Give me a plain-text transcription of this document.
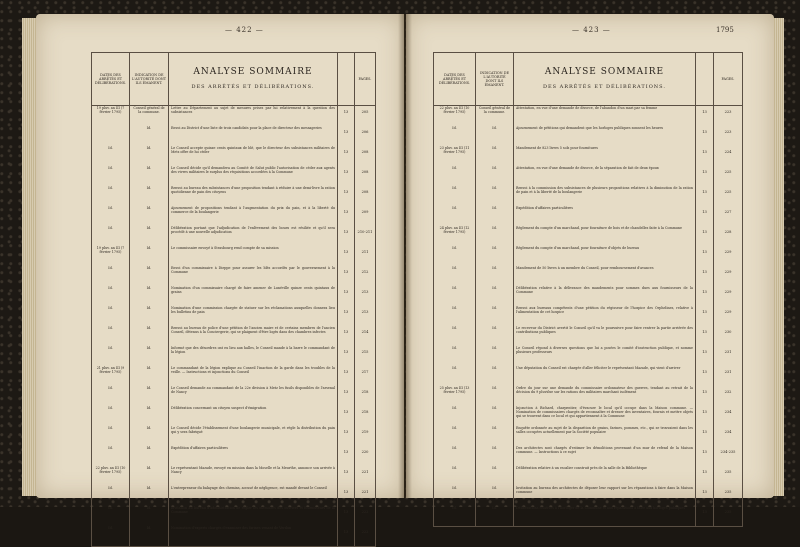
— 422 —	— 423 —	1795
DATES DES ARRÊTÉS ET DÉLIBÉRATIONS.	INDICATION DE L'AUTORITÉ DONT ILS ÉMANENT.	ANALYSE SOMMAIRE
DES ARRÊTÉS ET DÉLIBÉRATIONS.		PAGES.
19 pluv. an III (7 février 1795)	Conseil général de la commune.	Lettre au Département au sujet de mesures prises par lui relativement à la question des subsistances	13	205
	Id.	Envoi au District d'une liste de trois candidats pour la place de directeur des messageries	13	206
Id.	Id.	Le Conseil accepte quinze cents quintaux de blé, que le directeur des subsistances militaires de Metz offre de lui céder	13	208
Id.	Id.	Le Conseil décide qu'il demandera au Comité de Salut public l'autorisation de céder aux agents des vivres militaires le surplus des réquisitions accordées à la Commune	13	208
Id.	Id.	Renvoi au bureau des subsistances d'une proposition tendant à réduire à une demi-livre la ration quotidienne de pain des citoyens	13	208
Id.	Id.	Ajournement de propositions tendant à l'augmentation du prix du pain, et à la liberté du commerce de la boulangerie	13	209
Id.	Id.	Délibération portant que l'adjudication de l'enlèvement des boues est résiliée et qu'il sera procédé à une nouvelle adjudication	13	210-211
19 pluv. an III (7 février 1795)	Id.	Le commissaire envoyé à Strasbourg rend compte de sa mission	13	211
Id.	Id.	Envoi d'un commissaire à Dieppe pour assurer les blés accordés par le gouvernement à la Commune	13	212
Id.	Id.	Nomination d'un commissaire chargé de faire amener de Lunéville quinze cents quintaux de grains	13	213
Id.	Id.	Nomination d'une commission chargée de statuer sur les réclamations auxquelles donnera lieu les bulletins de pain	13	213
Id.	Id.	Renvoi au bureau de police d'une pétition de l'ancien maire et de certains membres de l'ancien Conseil, détenus à la Conciergerie, qui se plaignent d'être logés dans des chambres infectes	13	214
Id.	Id.	Informé que des désordres ont eu lieu aux halles, le Conseil mande à la barre le commandant de la légion	13	215
21 pluv. an III (9 février 1795)	Id.	Le commandant de la légion explique au Conseil l'inaction de la garde dans les troubles de la veille. — Instructions et injonctions du Conseil	13	217
Id.	Id.	Le Conseil demande au commandant de la 22e division à Metz les fusils disponibles de l'arsenal de Nancy	13	218
Id.	Id.	Délibération concernant un citoyen suspect d'émigration	13	218
Id.	Id.	Le Conseil décide l'établissement d'une boulangerie municipale, et règle la distribution du pain qui y sera fabriqué	13	219
Id.	Id.	Expédition d'affaires particulières	13	220
22 pluv. an III (10 février 1795)	Id.	Le représentant Mazade, envoyé en mission dans la Moselle et la Meurthe, annonce son arrivée à Nancy	13	221
Id.	Id.	L'entrepreneur du balayage des chemins, accusé de négligence, est mandé devant le Conseil	13	221
Id.	Id.	Invitation au bureau d'administration de régler les mémoires des ouvriers et fournisseurs de la Commune	13	222
Id.	Id.	Nomination d'experts chargés d'examiner des farines venant de Verdun	13	222
DATES DES ARRÊTÉS ET DÉLIBÉRATIONS.	INDICATION DE L'AUTORITÉ DONT ILS ÉMANENT.	ANALYSE SOMMAIRE
DES ARRÊTÉS ET DÉLIBÉRATIONS.		PAGES.
22 pluv. an III (10 février 1795)	Conseil général de la commune.	Attestation, en vue d'une demande de divorce, de l'abandon d'un mari par sa femme	13	223
Id.	Id.	Ajournement de pétitions qui demandent que les horloges publiques sonnent les heures	13	223
23 pluv. an III (11 février 1795)	Id.	Mandement de 823 livres 5 sols pour fournitures	13	224
Id.	Id.	Attestation, en vue d'une demande de divorce, de la séparation de fait de deux époux	13	225
Id.	Id.	Renvoi à la commission des subsistances de plusieurs propositions relatives à la diminution de la ration de pain et à la liberté de la boulangerie	13	225
Id.	Id.	Expédition d'affaires particulières	13	227
24 pluv. an III (12 février 1795)	Id.	Règlement du compte d'un marchand, pour fourniture de bois et de chandelles faite à la Commune	13	228
Id.	Id.	Règlement du compte d'un marchand, pour fourniture d'objets de bureau	13	229
Id.	Id.	Mandement de 50 livres à un membre du Conseil, pour remboursement d'avances	13	229
Id.	Id.	Délibération relative à la délivrance des mandements pour sommes dues aux fournisseurs de la Commune	13	229
Id.	Id.	Renvoi aux bureaux compétents d'une pétition du régisseur de l'hospice des Orphelines, relative à l'alimentation de cet hospice	13	229
Id.	Id.	Le receveur du District avertit le Conseil qu'il va le poursuivre pour faire rentrer la partie arriérée des contributions publiques	13	230
Id.	Id.	Le Conseil répond à diverses questions que lui a posées le comité d'instruction publique, et nomme plusieurs professeurs	13	231
Id.	Id.	Une députation du Conseil est chargée d'aller féliciter le représentant Mazade, qui vient d'arriver	13	231
25 pluv. an III (13 février 1795)	Id.	Ordre du jour sur une demande du commissaire ordonnateur des guerres, tendant au retrait de la décision du 9 pluviôse sur les rations des militaires marchant isolément	13	232
Id.	Id.	Injonction à Richard, charpentier, d'évacuer le local qu'il occupe dans la Maison commune. — Nomination de commissaires chargés de reconnaître et dresser des inventaires, fournis et mettre objets qui se trouvent dans ce local et qui appartiennent à la Commune	13	234
Id.	Id.	Enquête ordonnée au sujet de la disparition de grains, farines, pommes, etc., qui se trouvaient dans les salles occupées actuellement par la Société populaire	13	234
Id.	Id.	Des architectes sont chargés d'estimer les démolitions provenant d'un mur de refend de la Maison commune. — Instructions à ce sujet	13	234-235
Id.	Id.	Délibération relative à un escalier construit près de la salle de la Bibliothèque	13	235
Id.	Id.	Invitation au bureau des architectes de déposer leur rapport sur les réparations à faire dans la Maison commune	13	235
Id.	Id.	Délibérations relatives à l'horloger de la Commune et aux réparations à faire aux horloges publiques	13	235
